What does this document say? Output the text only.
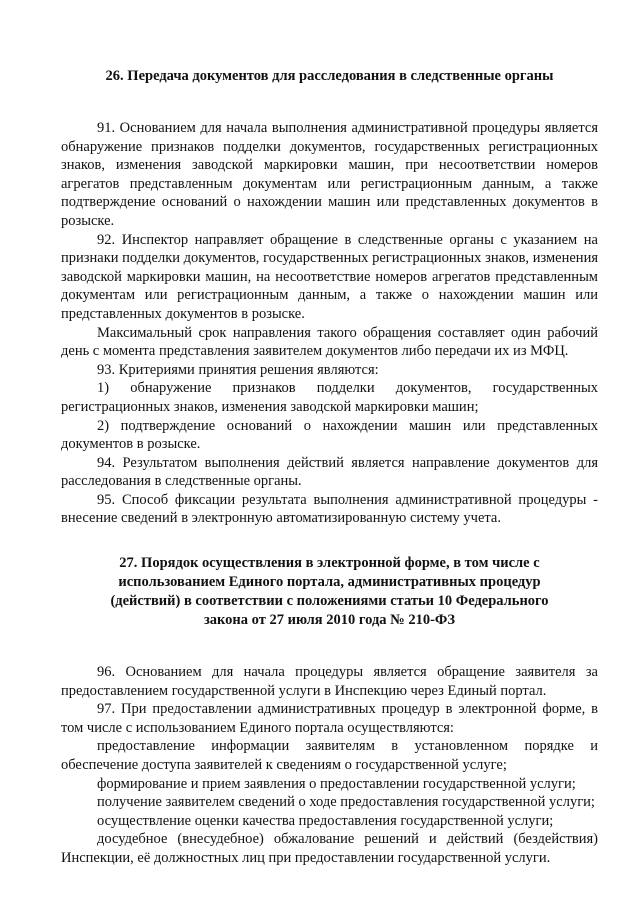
26. Передача документов для расследования в следственные органы

91. Основанием для начала выполнения административной процедуры является обнаружение признаков подделки документов, государственных регистрационных знаков, изменения заводской маркировки машин, при несоответствии номеров агрегатов представленным документам или регистрационным данным, а также подтверждение оснований о нахождении машин или представленных документов в розыске.

92. Инспектор направляет обращение в следственные органы с указанием на признаки подделки документов, государственных регистрационных знаков, изменения заводской маркировки машин, на несоответствие номеров агрегатов представленным документам или регистрационным данным, а также о нахождении машин или представленных документов в розыске.

Максимальный срок направления такого обращения составляет один рабочий день с момента представления заявителем документов либо передачи их из МФЦ.

93. Критериями принятия решения являются:

1) обнаружение признаков подделки документов, государственных регистрационных знаков, изменения заводской маркировки машин;

2) подтверждение оснований о нахождении машин или представленных документов в розыске.

94. Результатом выполнения действий является направление документов для расследования в следственные органы.

95. Способ фиксации результата выполнения административной процедуры - внесение сведений в электронную автоматизированную систему учета.

27. Порядок осуществления в электронной форме, в том числе с использованием Единого портала, административных процедур (действий) в соответствии с положениями статьи 10 Федерального закона от 27 июля 2010 года № 210-ФЗ

96. Основанием для начала процедуры является обращение заявителя за предоставлением государственной услуги в Инспекцию через Единый портал.

97. При предоставлении административных процедур в электронной форме, в том числе с использованием Единого портала осуществляются:

предоставление информации заявителям в установленном порядке и обеспечение доступа заявителей к сведениям о государственной услуге;

формирование и прием заявления о предоставлении государственной услуги;

получение заявителем сведений о ходе предоставления государственной услуги;

осуществление оценки качества предоставления государственной услуги;

досудебное (внесудебное) обжалование решений и действий (бездействия) Инспекции, её должностных лиц при предоставлении государственной услуги.
